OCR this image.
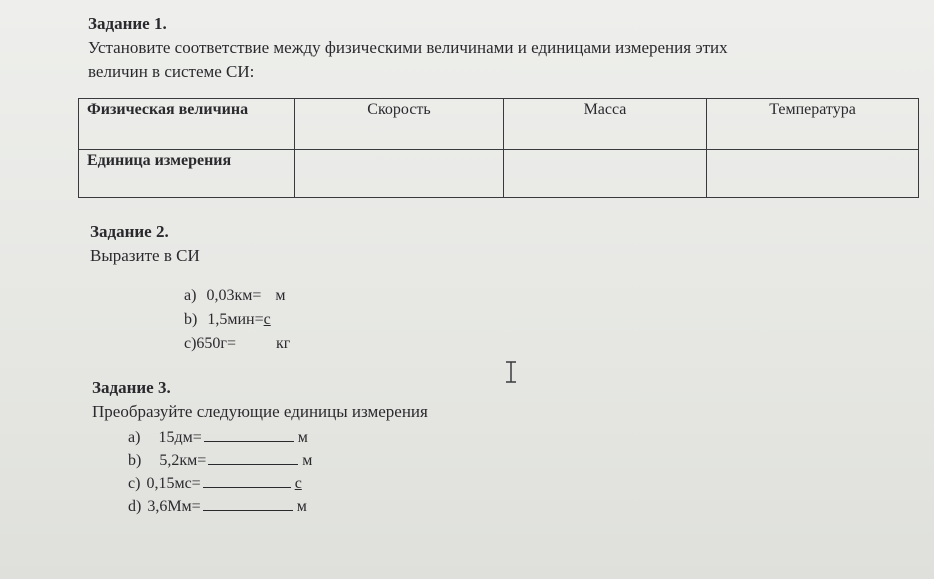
Задание 1.
Установите соответствие между физическими величинами и единицами измерения этих
величин в системе СИ:
Физическая величина	Скорость	Масса	Температура
Единица измерения			
Задание 2.
Выразите в СИ
a) 0,03км= м
b) 1,5мин=с
c)650г=	кг
Задание 3.
Преобразуйте следующие единицы измерения
a) 15дм=	м
b) 5,2км=	м
c) 0,15мс=	с
d) 3,6Мм=	м
